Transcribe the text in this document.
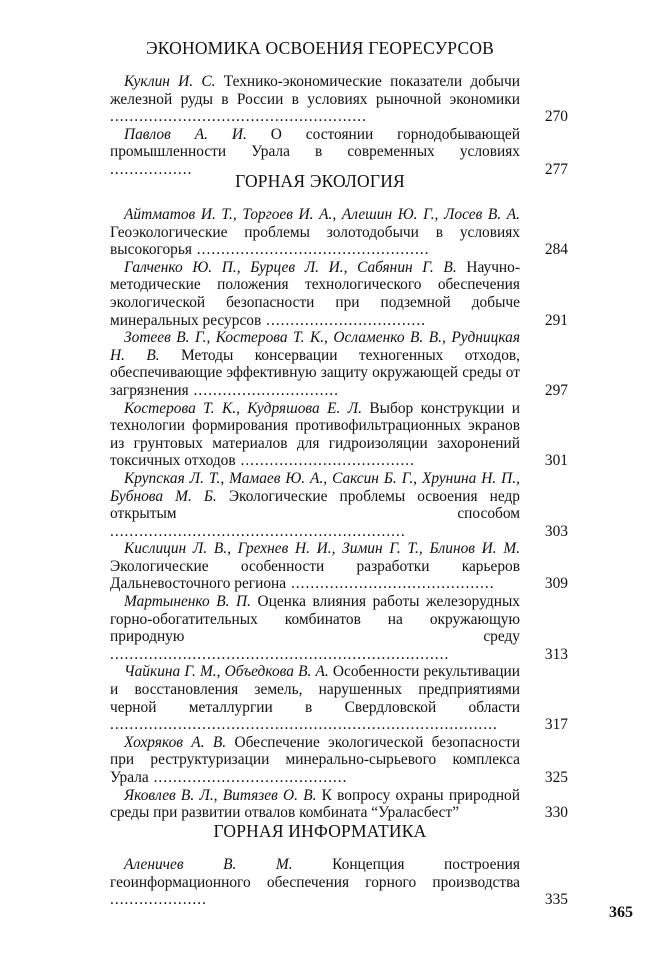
ЭКОНОМИКА ОСВОЕНИЯ ГЕОРЕСУРСОВ
Куклин И. С. Технико-экономические показатели добычи железной руды в России в условиях рыночной экономики .....................................................	270
Павлов А. И. О состоянии горнодобывающей промышленности Урала в современных условиях .................	277
ГОРНАЯ ЭКОЛОГИЯ
Айтматов И. Т., Торгоев И. А., Алешин Ю. Г., Лосев В. А. Геоэкологические проблемы золотодобычи в условиях высокогорья ................................................	284
Галченко Ю. П., Бурцев Л. И., Сабянин Г. В. Научно-методические положения технологического обеспечения экологической безопасности при подземной добыче минеральных ресурсов .................................	291
Зотеев В. Г., Костерова Т. К., Осламенко В. В., Рудницкая Н. В. Методы консервации техногенных отходов, обеспечивающие эффективную защиту окружающей среды от загрязнения ..............................	297
Костерова Т. К., Кудряшова Е. Л. Выбор конструкции и технологии формирования противофильтрационных экранов из грунтовых материалов для гидроизоляции захоронений токсичных отходов ....................................	301
Крупская Л. Т., Мамаев Ю. А., Саксин Б. Г., Хрунина Н. П., Бубнова М. Б. Экологические проблемы освоения недр открытым способом .............................................................	303
Кислицин Л. В., Грехнев Н. И., Зимин Г. Т., Блинов И. М. Экологические особенности разработки карьеров Дальневосточного региона ..........................................	309
Мартыненко В. П. Оценка влияния работы железорудных горно-обогатительных комбинатов на окружающую природную среду ......................................................................	313
Чайкина Г. М., Объедкова В. А. Особенности рекультивации и восстановления земель, нарушенных предприятиями черной металлургии в Свердловской области ................................................................................	317
Хохряков А. В. Обеспечение экологической безопасности при реструктуризации минерально-сырьевого комплекса Урала ........................................	325
Яковлев В. Л., Витязев О. В. К вопросу охраны природной среды при развитии отвалов комбината “Ураласбест”	330
ГОРНАЯ ИНФОРМАТИКА
Аленичев В. М. Концепция построения геоинформационного обеспечения горного производства ....................	335
365
